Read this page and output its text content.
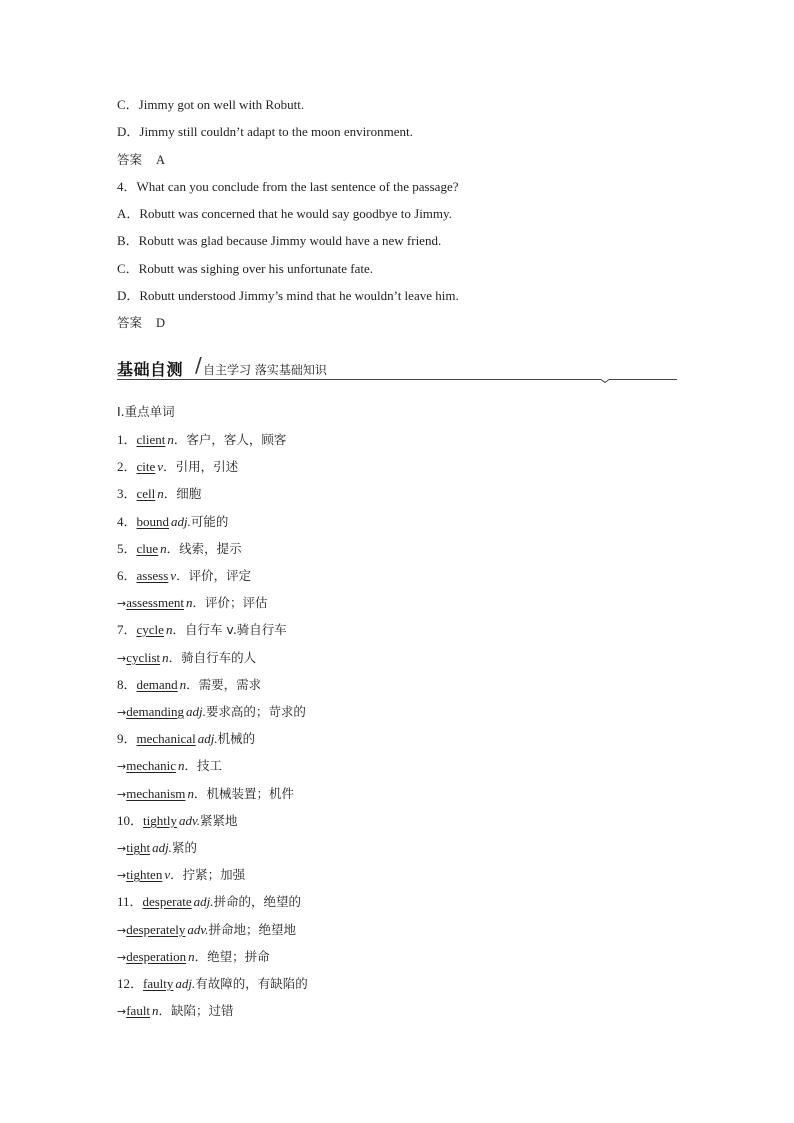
C．Jimmy got on well with Robutt.
D．Jimmy still couldn’t adapt to the moon environment.
答案 A
4．What can you conclude from the last sentence of the passage?
A．Robutt was concerned that he would say goodbye to Jimmy.
B．Robutt was glad because Jimmy would have a new friend.
C．Robutt was sighing over his unfortunate fate.
D．Robutt understood Jimmy’s mind that he wouldn’t leave him.
答案 D
基础自测 / 自主学习 落实基础知识
Ⅰ.重点单词
1．client n．客户，客人，顾客
2．cite v．引用，引述
3．cell n．细胞
4．bound adj.可能的
5．clue n．线索，提示
6．assess v．评价，评定
→assessment n．评价；评估
7．cycle n．自行车 v.骑自行车
→cyclist n．骑自行车的人
8．demand n．需要，需求
→demanding adj.要求高的；苛求的
9．mechanical adj.机械的
→mechanic n．技工
→mechanism n．机械装置；机件
10．tightly adv.紧紧地
→tight adj.紧的
→tighten v．拧紧；加强
11．desperate adj.拼命的，绝望的
→desperately adv.拼命地；绝望地
→desperation n．绝望；拼命
12．faulty adj.有故障的，有缺陷的
→fault n．缺陷；过错
